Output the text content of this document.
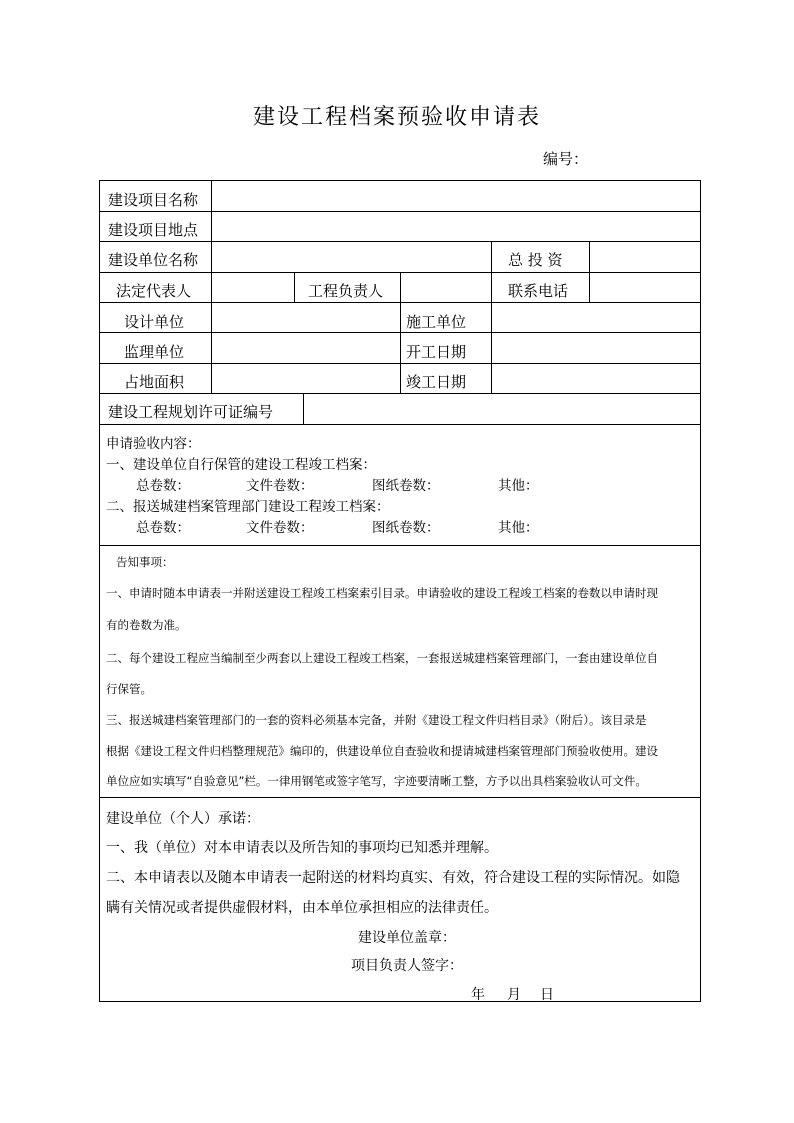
建设工程档案预验收申请表
编号：
建设项目名称
建设项目地点
建设单位名称	总 投 资
法定代表人	工程负责人	联系电话
设计单位	施工单位
监理单位	开工日期
占地面积	竣工日期
建设工程规划许可证编号
申请验收内容：
一、建设单位自行保管的建设工程竣工档案：
总卷数：	文件卷数：	图纸卷数：	其他：
二、报送城建档案管理部门建设工程竣工档案：
总卷数：	文件卷数：	图纸卷数：	其他：
告知事项：
一、申请时随本申请表一并附送建设工程竣工档案索引目录。申请验收的建设工程竣工档案的卷数以申请时现
有的卷数为准。
二、每个建设工程应当编制至少两套以上建设工程竣工档案，一套报送城建档案管理部门，一套由建设单位自
行保管。
三、报送城建档案管理部门的一套的资料必须基本完备，并附《建设工程文件归档目录》（附后）。该目录是
根据《建设工程文件归档整理规范》编印的，供建设单位自查验收和提请城建档案管理部门预验收使用。建设
单位应如实填写“自验意见”栏。一律用钢笔或签字笔写，字迹要清晰工整，方予以出具档案验收认可文件。
建设单位（个人）承诺：
一、我（单位）对本申请表以及所告知的事项均已知悉并理解。
二、本申请表以及随本申请表一起附送的材料均真实、有效，符合建设工程的实际情况。如隐
瞒有关情况或者提供虚假材料，由本单位承担相应的法律责任。
建设单位盖章：
项目负责人签字：
年 月 日
